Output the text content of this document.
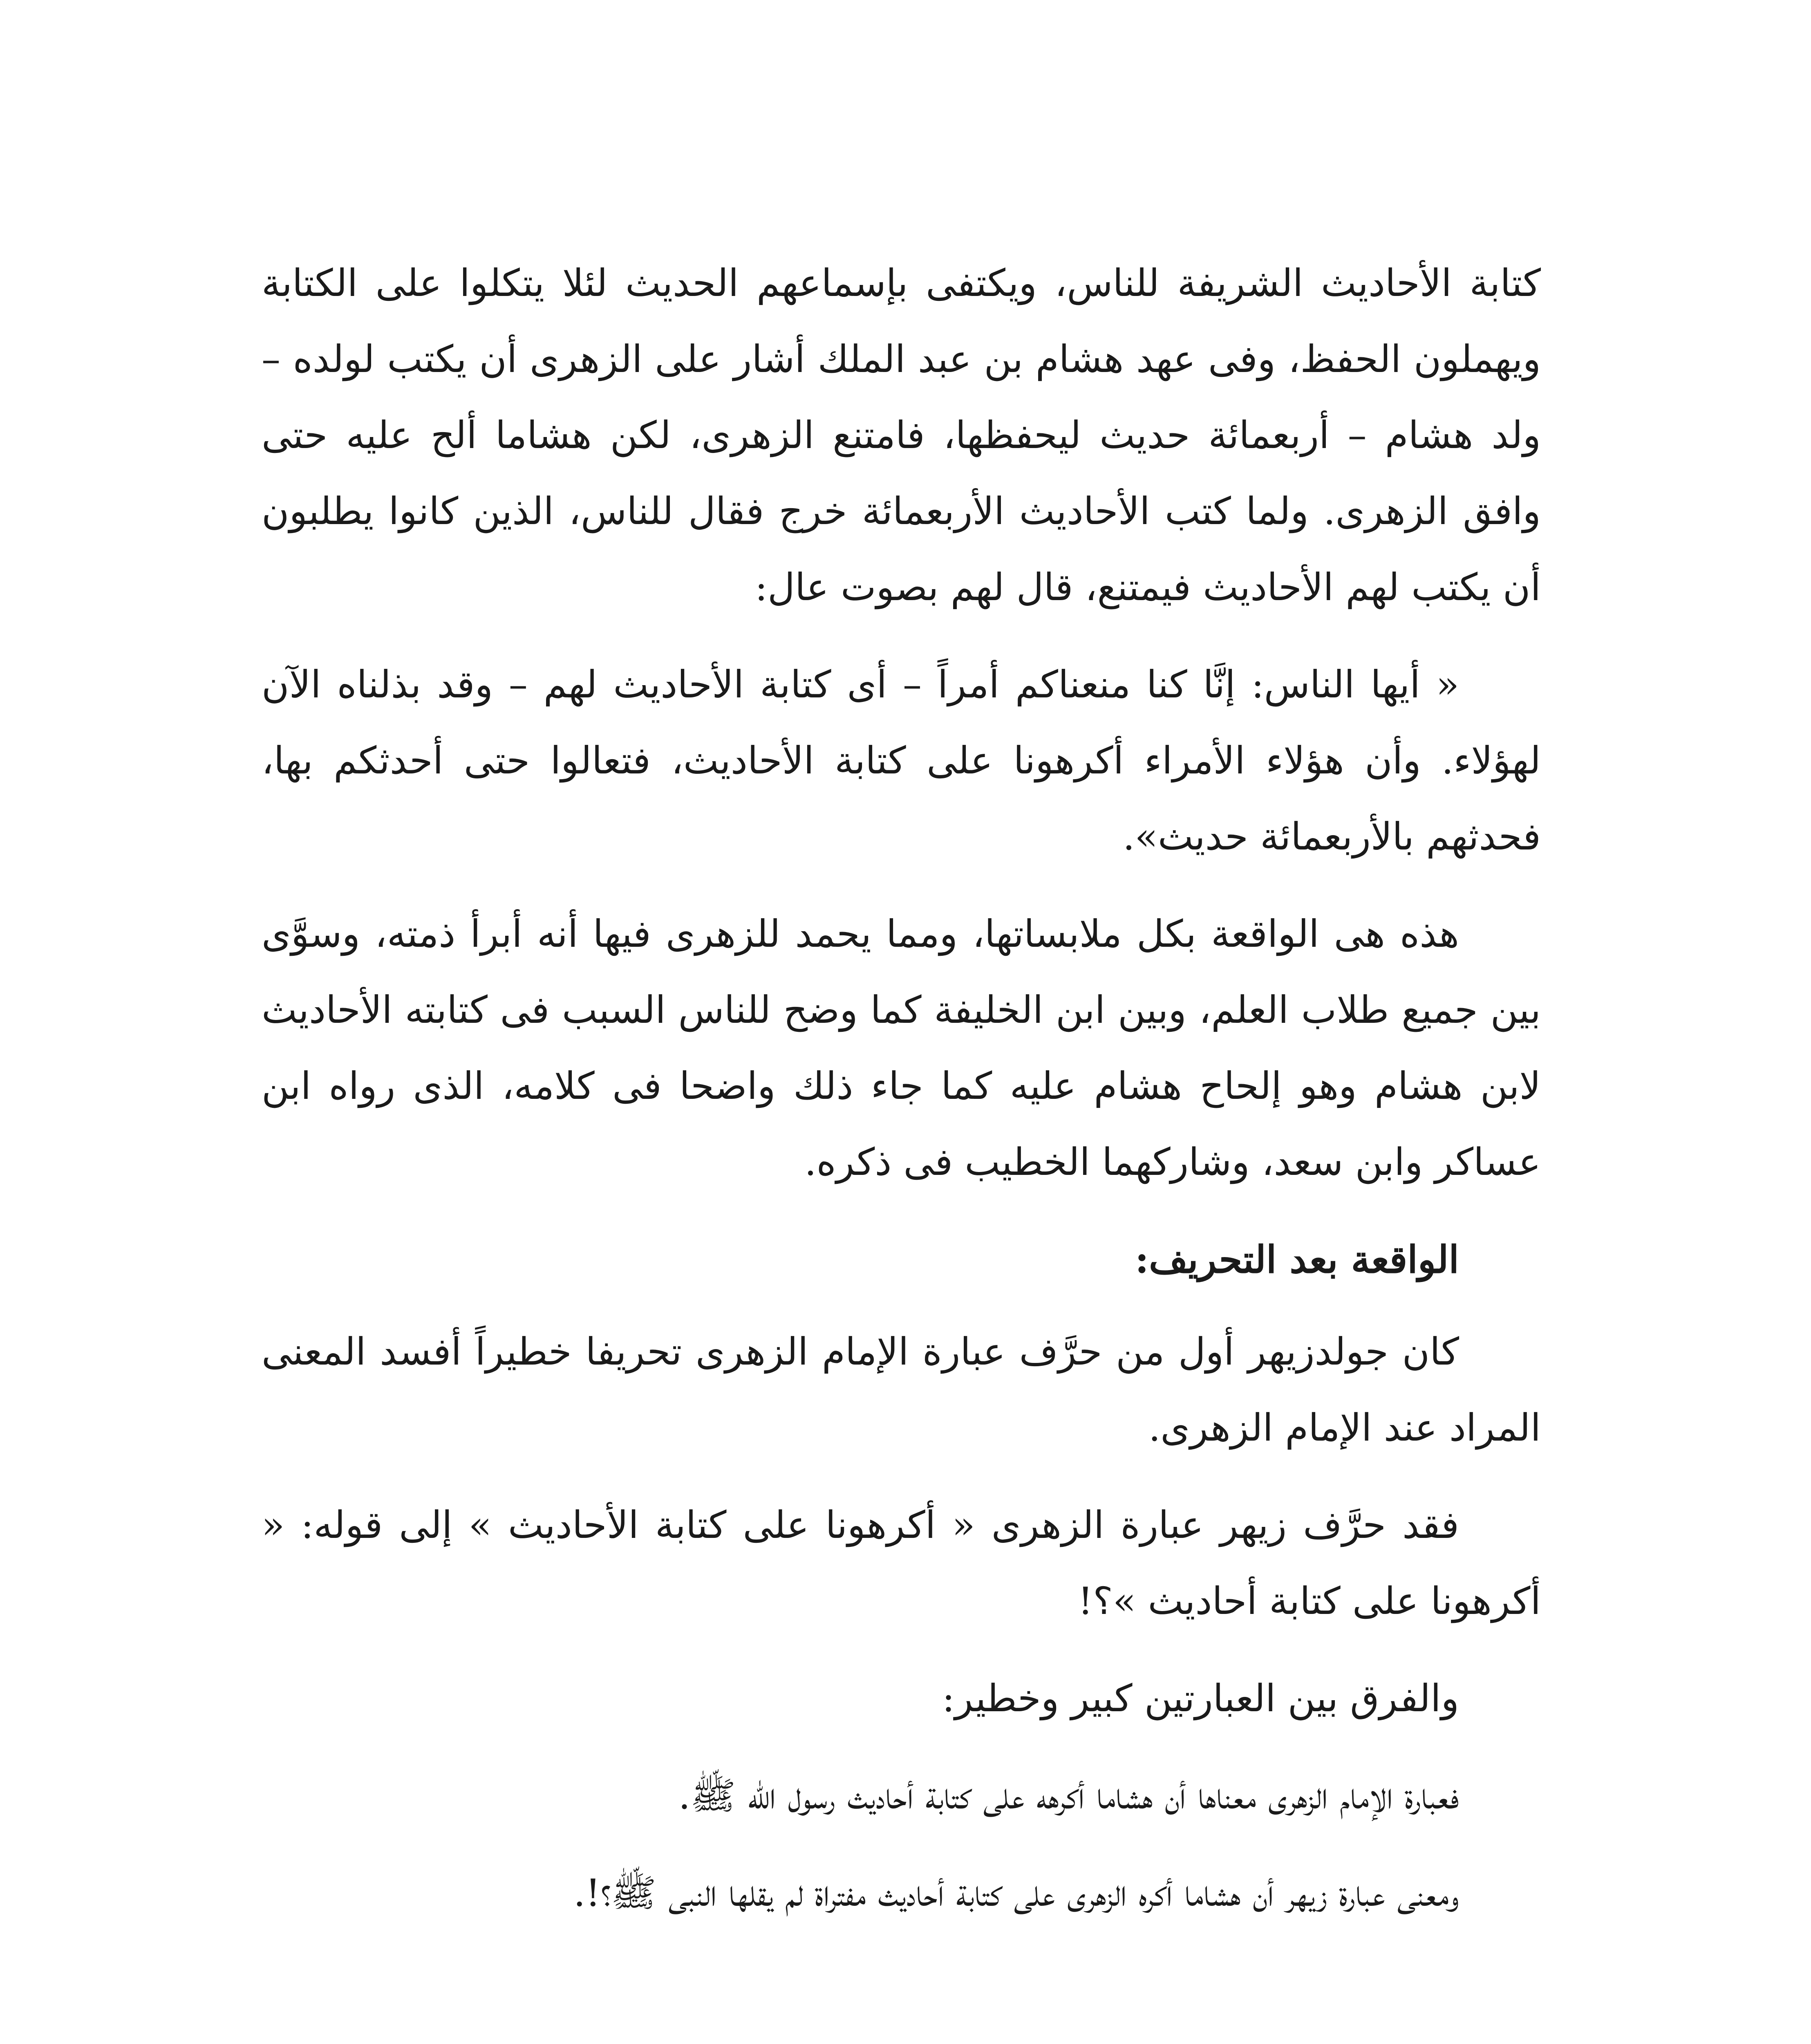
كتابة الأحاديث الشريفة للناس، ويكتفى بإسماعهم الحديث لئلا يتكلوا على الكتابة ويهملون الحفظ، وفى عهد هشام بن عبد الملك أشار على الزهرى أن يكتب لولده – ولد هشام – أربعمائة حديث ليحفظها، فامتنع الزهرى، لكن هشاما ألح عليه حتى وافق الزهرى. ولما كتب الأحاديث الأربعمائة خرج فقال للناس، الذين كانوا يطلبون أن يكتب لهم الأحاديث فيمتنع، قال لهم بصوت عال:

« أيها الناس: إنَّا كنا منعناكم أمراً – أى كتابة الأحاديث لهم – وقد بذلناه الآن لهؤلاء. وأن هؤلاء الأمراء أكرهونا على كتابة الأحاديث، فتعالوا حتى أحدثكم بها، فحدثهم بالأربعمائة حديث».

هذه هى الواقعة بكل ملابساتها، ومما يحمد للزهرى فيها أنه أبرأ ذمته، وسوَّى بين جميع طلاب العلم، وبين ابن الخليفة كما وضح للناس السبب فى كتابته الأحاديث لابن هشام وهو إلحاح هشام عليه كما جاء ذلك واضحا فى كلامه، الذى رواه ابن عساكر وابن سعد، وشاركهما الخطيب فى ذكره.

الواقعة بعد التحريف:

كان جولدزيهر أول من حرَّف عبارة الإمام الزهرى تحريفا خطيراً أفسد المعنى المراد عند الإمام الزهرى.

فقد حرَّف زيهر عبارة الزهرى « أكرهونا على كتابة الأحاديث » إلى قوله: « أكرهونا على كتابة أحاديث »؟!

والفرق بين العبارتين كبير وخطير:

فعبارة الإمام الزهرى معناها أن هشاما أكرهه على كتابة أحاديث رسول الله ﷺ.

ومعنى عبارة زيهر أن هشاما أكره الزهرى على كتابة أحاديث مفتراة لم يقلها النبى ﷺ؟!.
